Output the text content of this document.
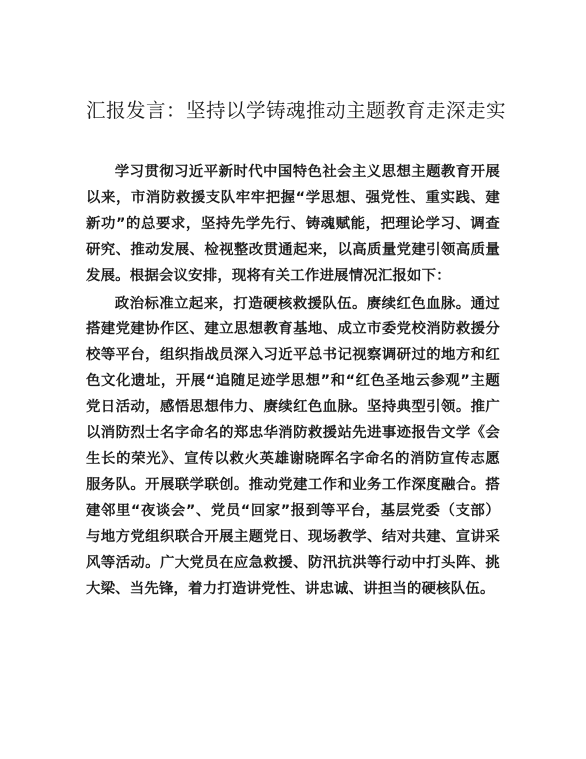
汇报发言：坚持以学铸魂推动主题教育走深走实

学习贯彻习近平新时代中国特色社会主义思想主题教育开展以来，市消防救援支队牢牢把握“学思想、强党性、重实践、建新功”的总要求，坚持先学先行、铸魂赋能，把理论学习、调查研究、推动发展、检视整改贯通起来，以高质量党建引领高质量发展。根据会议安排，现将有关工作进展情况汇报如下：

政治标准立起来，打造硬核救援队伍。赓续红色血脉。通过搭建党建协作区、建立思想教育基地、成立市委党校消防救援分校等平台，组织指战员深入习近平总书记视察调研过的地方和红色文化遗址，开展“追随足迹学思想”和“红色圣地云参观”主题党日活动，感悟思想伟力、赓续红色血脉。坚持典型引领。推广以消防烈士名字命名的郑忠华消防救援站先进事迹报告文学《会生长的荣光》、宣传以救火英雄谢晓晖名字命名的消防宣传志愿服务队。开展联学联创。推动党建工作和业务工作深度融合。搭建邻里“夜谈会”、党员“回家”报到等平台，基层党委（支部）与地方党组织联合开展主题党日、现场教学、结对共建、宣讲采风等活动。广大党员在应急救援、防汛抗洪等行动中打头阵、挑大梁、当先锋，着力打造讲党性、讲忠诚、讲担当的硬核队伍。
